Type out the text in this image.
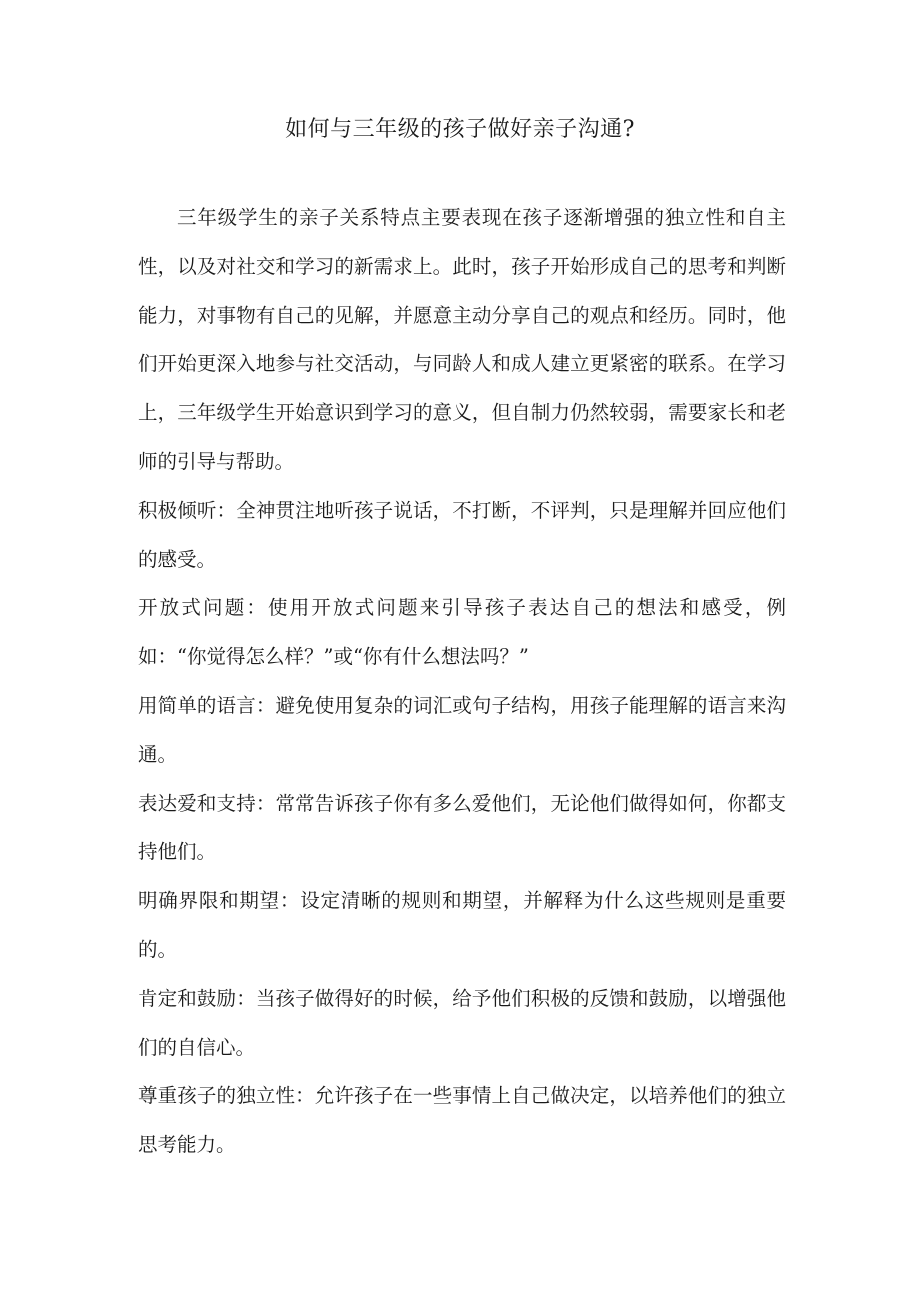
如何与三年级的孩子做好亲子沟通?

三年级学生的亲子关系特点主要表现在孩子逐渐增强的独立性和自主性，以及对社交和学习的新需求上。此时，孩子开始形成自己的思考和判断能力，对事物有自己的见解，并愿意主动分享自己的观点和经历。同时，他们开始更深入地参与社交活动，与同龄人和成人建立更紧密的联系。在学习上，三年级学生开始意识到学习的意义，但自制力仍然较弱，需要家长和老师的引导与帮助。

积极倾听：全神贯注地听孩子说话，不打断，不评判，只是理解并回应他们的感受。

开放式问题：使用开放式问题来引导孩子表达自己的想法和感受，例如：“你觉得怎么样？”或“你有什么想法吗？”

用简单的语言：避免使用复杂的词汇或句子结构，用孩子能理解的语言来沟通。

表达爱和支持：常常告诉孩子你有多么爱他们，无论他们做得如何，你都支持他们。

明确界限和期望：设定清晰的规则和期望，并解释为什么这些规则是重要的。

肯定和鼓励：当孩子做得好的时候，给予他们积极的反馈和鼓励，以增强他们的自信心。

尊重孩子的独立性：允许孩子在一些事情上自己做决定，以培养他们的独立思考能力。
